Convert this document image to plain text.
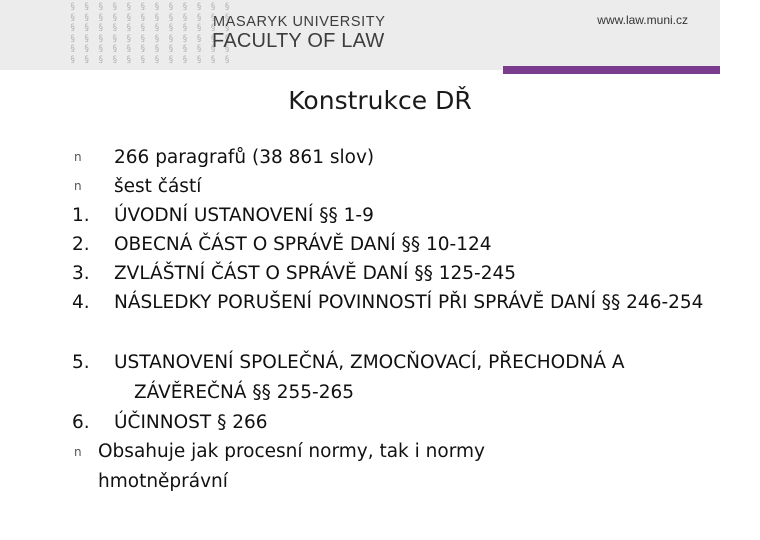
§ § § § § § § § § § § §
§ § § § § § § § § § § §
§ § § § § § § § § § § §
§ § § § § § § § § § § §
§ § § § § § § § § § § §
§ § § § § § § § § § § §
MASARYK UNIVERSITY
FACULTY OF LAW
www.law.muni.cz
Konstrukce DŘ
n	266 paragrafů (38 861 slov)
n	šest částí
1.	ÚVODNÍ USTANOVENÍ §§ 1-9
2.	OBECNÁ ČÁST O SPRÁVĚ DANÍ §§ 10-124
3.	ZVLÁŠTNÍ ČÁST O SPRÁVĚ DANÍ §§ 125-245
4.	NÁSLEDKY PORUŠENÍ POVINNOSTÍ PŘI SPRÁVĚ DANÍ §§ 246-254
5.	USTANOVENÍ SPOLEČNÁ, ZMOCŇOVACÍ, PŘECHODNÁ A ZÁVĚREČNÁ §§ 255-265
6.	ÚČINNOST § 266
n Obsahuje jak procesní normy, tak i normy hmotněprávní
